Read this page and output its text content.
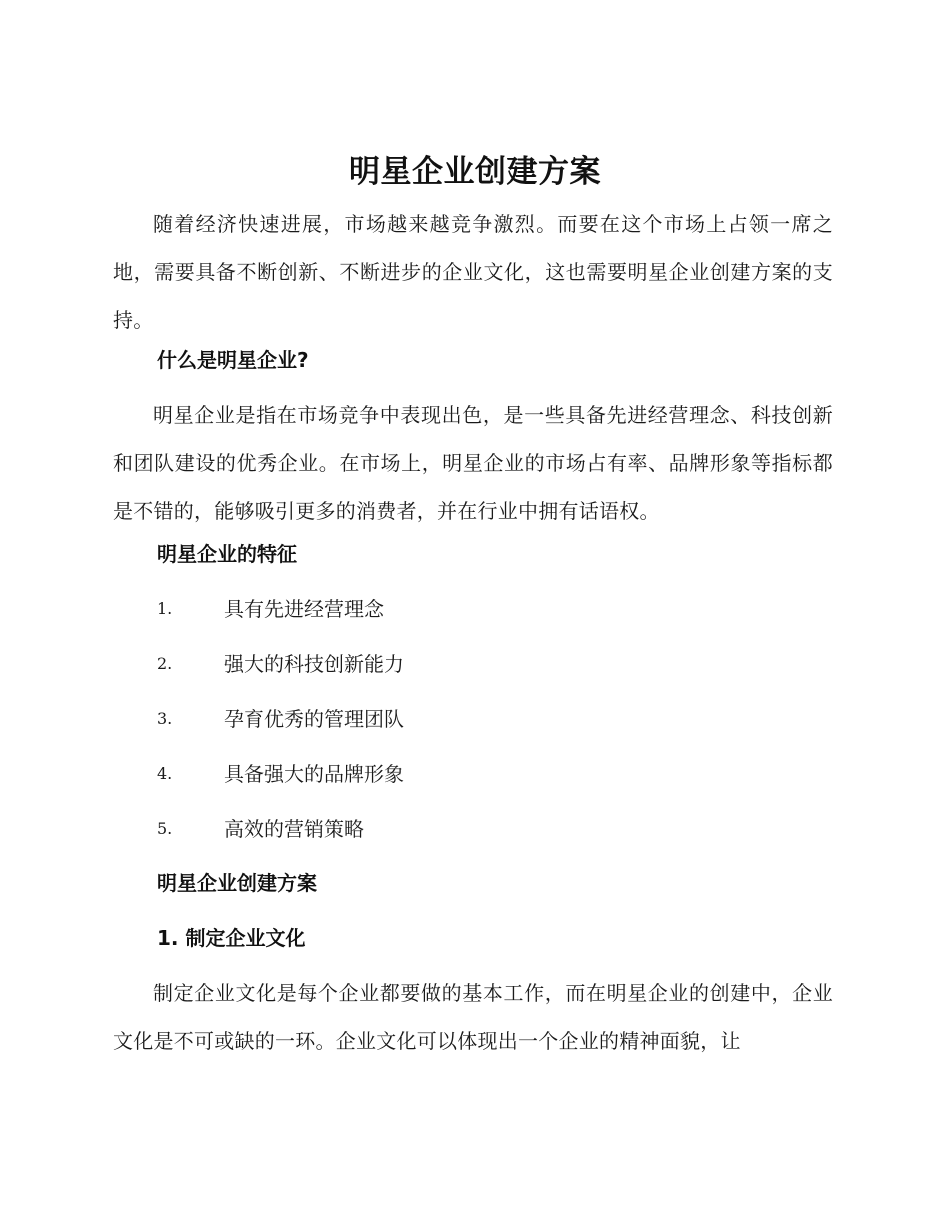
明星企业创建方案
随着经济快速进展，市场越来越竞争激烈。而要在这个市场上占领一席之地，需要具备不断创新、不断进步的企业文化，这也需要明星企业创建方案的支持。
什么是明星企业?
明星企业是指在市场竞争中表现出色，是一些具备先进经营理念、科技创新和团队建设的优秀企业。在市场上，明星企业的市场占有率、品牌形象等指标都是不错的，能够吸引更多的消费者，并在行业中拥有话语权。
明星企业的特征
1.	具有先进经营理念
2.	强大的科技创新能力
3.	孕育优秀的管理团队
4.	具备强大的品牌形象
5.	高效的营销策略
明星企业创建方案
1. 制定企业文化
制定企业文化是每个企业都要做的基本工作，而在明星企业的创建中，企业文化是不可或缺的一环。企业文化可以体现出一个企业的精神面貌，让
